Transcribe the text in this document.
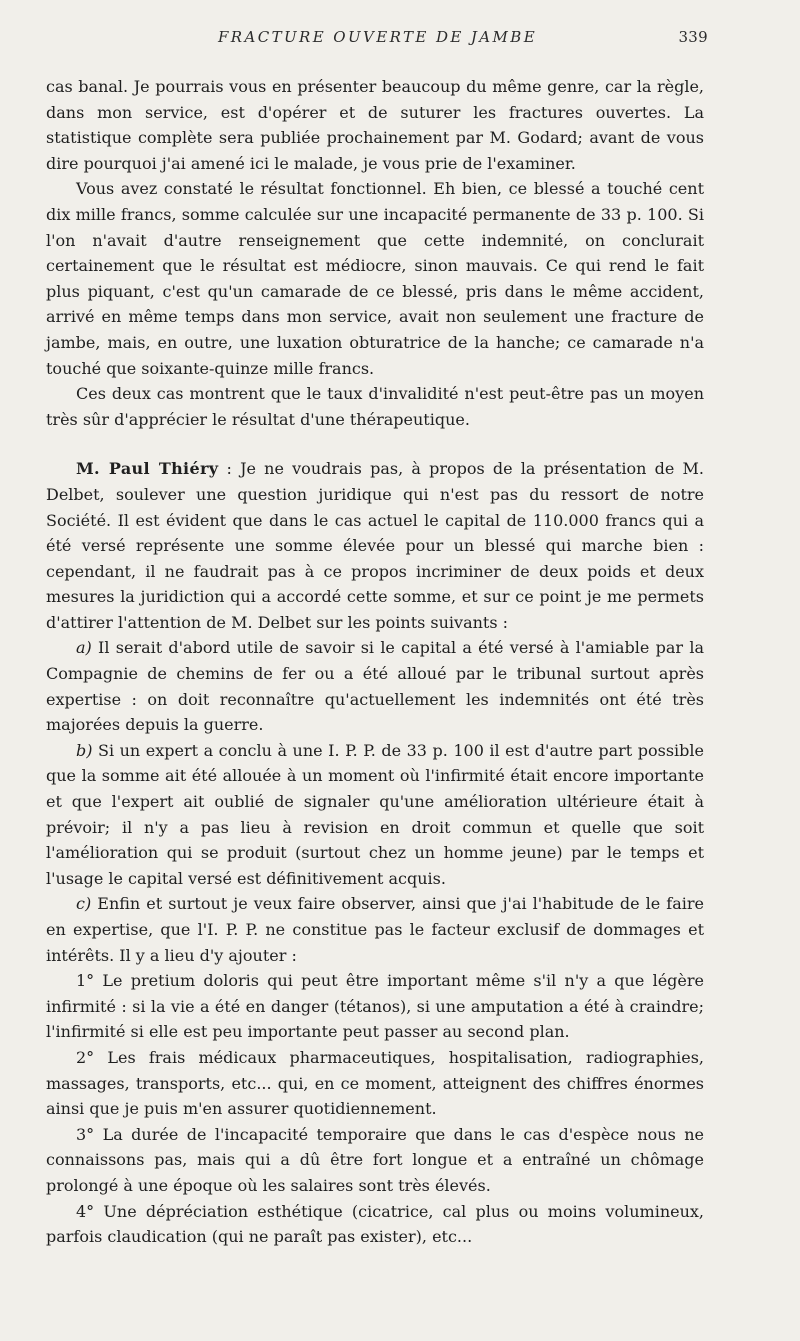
FRACTURE OUVERTE DE JAMBE	339

cas banal. Je pourrais vous en présenter beaucoup du même genre, car la règle, dans mon service, est d'opérer et de suturer les fractures ouvertes. La statistique complète sera publiée prochainement par M. Godard; avant de vous dire pourquoi j'ai amené ici le malade, je vous prie de l'examiner.

Vous avez constaté le résultat fonctionnel. Eh bien, ce blessé a touché cent dix mille francs, somme calculée sur une incapacité permanente de 33 p. 100. Si l'on n'avait d'autre renseignement que cette indemnité, on conclurait certainement que le résultat est médiocre, sinon mauvais. Ce qui rend le fait plus piquant, c'est qu'un camarade de ce blessé, pris dans le même accident, arrivé en même temps dans mon service, avait non seulement une fracture de jambe, mais, en outre, une luxation obturatrice de la hanche; ce camarade n'a touché que soixante-quinze mille francs.

Ces deux cas montrent que le taux d'invalidité n'est peut-être pas un moyen très sûr d'apprécier le résultat d'une thérapeutique.

M. Paul Thiéry : Je ne voudrais pas, à propos de la présentation de M. Delbet, soulever une question juridique qui n'est pas du ressort de notre Société. Il est évident que dans le cas actuel le capital de 110.000 francs qui a été versé représente une somme élevée pour un blessé qui marche bien : cependant, il ne faudrait pas à ce propos incriminer de deux poids et deux mesures la juridiction qui a accordé cette somme, et sur ce point je me permets d'attirer l'attention de M. Delbet sur les points suivants :

a) Il serait d'abord utile de savoir si le capital a été versé à l'amiable par la Compagnie de chemins de fer ou a été alloué par le tribunal surtout après expertise : on doit reconnaître qu'actuellement les indemnités ont été très majorées depuis la guerre.

b) Si un expert a conclu à une I. P. P. de 33 p. 100 il est d'autre part possible que la somme ait été allouée à un moment où l'infirmité était encore importante et que l'expert ait oublié de signaler qu'une amélioration ultérieure était à prévoir; il n'y a pas lieu à revision en droit commun et quelle que soit l'amélioration qui se produit (surtout chez un homme jeune) par le temps et l'usage le capital versé est définitivement acquis.

c) Enfin et surtout je veux faire observer, ainsi que j'ai l'habitude de le faire en expertise, que l'I. P. P. ne constitue pas le facteur exclusif de dommages et intérêts. Il y a lieu d'y ajouter :

1° Le pretium doloris qui peut être important même s'il n'y a que légère infirmité : si la vie a été en danger (tétanos), si une amputation a été à craindre; l'infirmité si elle est peu importante peut passer au second plan.

2° Les frais médicaux pharmaceutiques, hospitalisation, radiographies, massages, transports, etc... qui, en ce moment, atteignent des chiffres énormes ainsi que je puis m'en assurer quotidiennement.

3° La durée de l'incapacité temporaire que dans le cas d'espèce nous ne connaissons pas, mais qui a dû être fort longue et a entraîné un chômage prolongé à une époque où les salaires sont très élevés.

4° Une dépréciation esthétique (cicatrice, cal plus ou moins volumineux, parfois claudication (qui ne paraît pas exister), etc...
